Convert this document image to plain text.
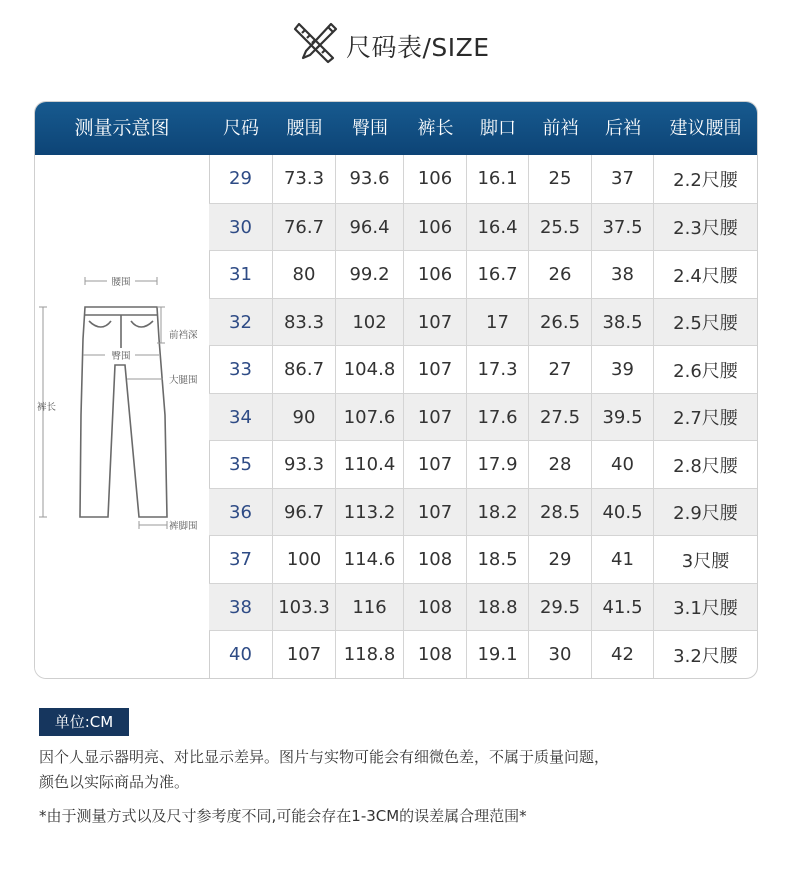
尺码表/SIZE
测量示意图	尺码	腰围	臀围	裤长	脚口	前裆	后裆	建议腰围
腰围
前裆深
臀围
大腿围
裤长
裤脚围
29	73.3	93.6	106	16.1	25	37	2.2尺腰
30	76.7	96.4	106	16.4	25.5	37.5	2.3尺腰
31	80	99.2	106	16.7	26	38	2.4尺腰
32	83.3	102	107	17	26.5	38.5	2.5尺腰
33	86.7	104.8	107	17.3	27	39	2.6尺腰
34	90	107.6	107	17.6	27.5	39.5	2.7尺腰
35	93.3	110.4	107	17.9	28	40	2.8尺腰
36	96.7	113.2	107	18.2	28.5	40.5	2.9尺腰
37	100	114.6	108	18.5	29	41	3尺腰
38	103.3	116	108	18.8	29.5	41.5	3.1尺腰
40	107	118.8	108	19.1	30	42	3.2尺腰
单位:CM
因个人显示器明亮、对比显示差异。图片与实物可能会有细微色差，不属于质量问题，
颜色以实际商品为准。
*由于测量方式以及尺寸参考度不同,可能会存在1-3CM的误差属合理范围*
